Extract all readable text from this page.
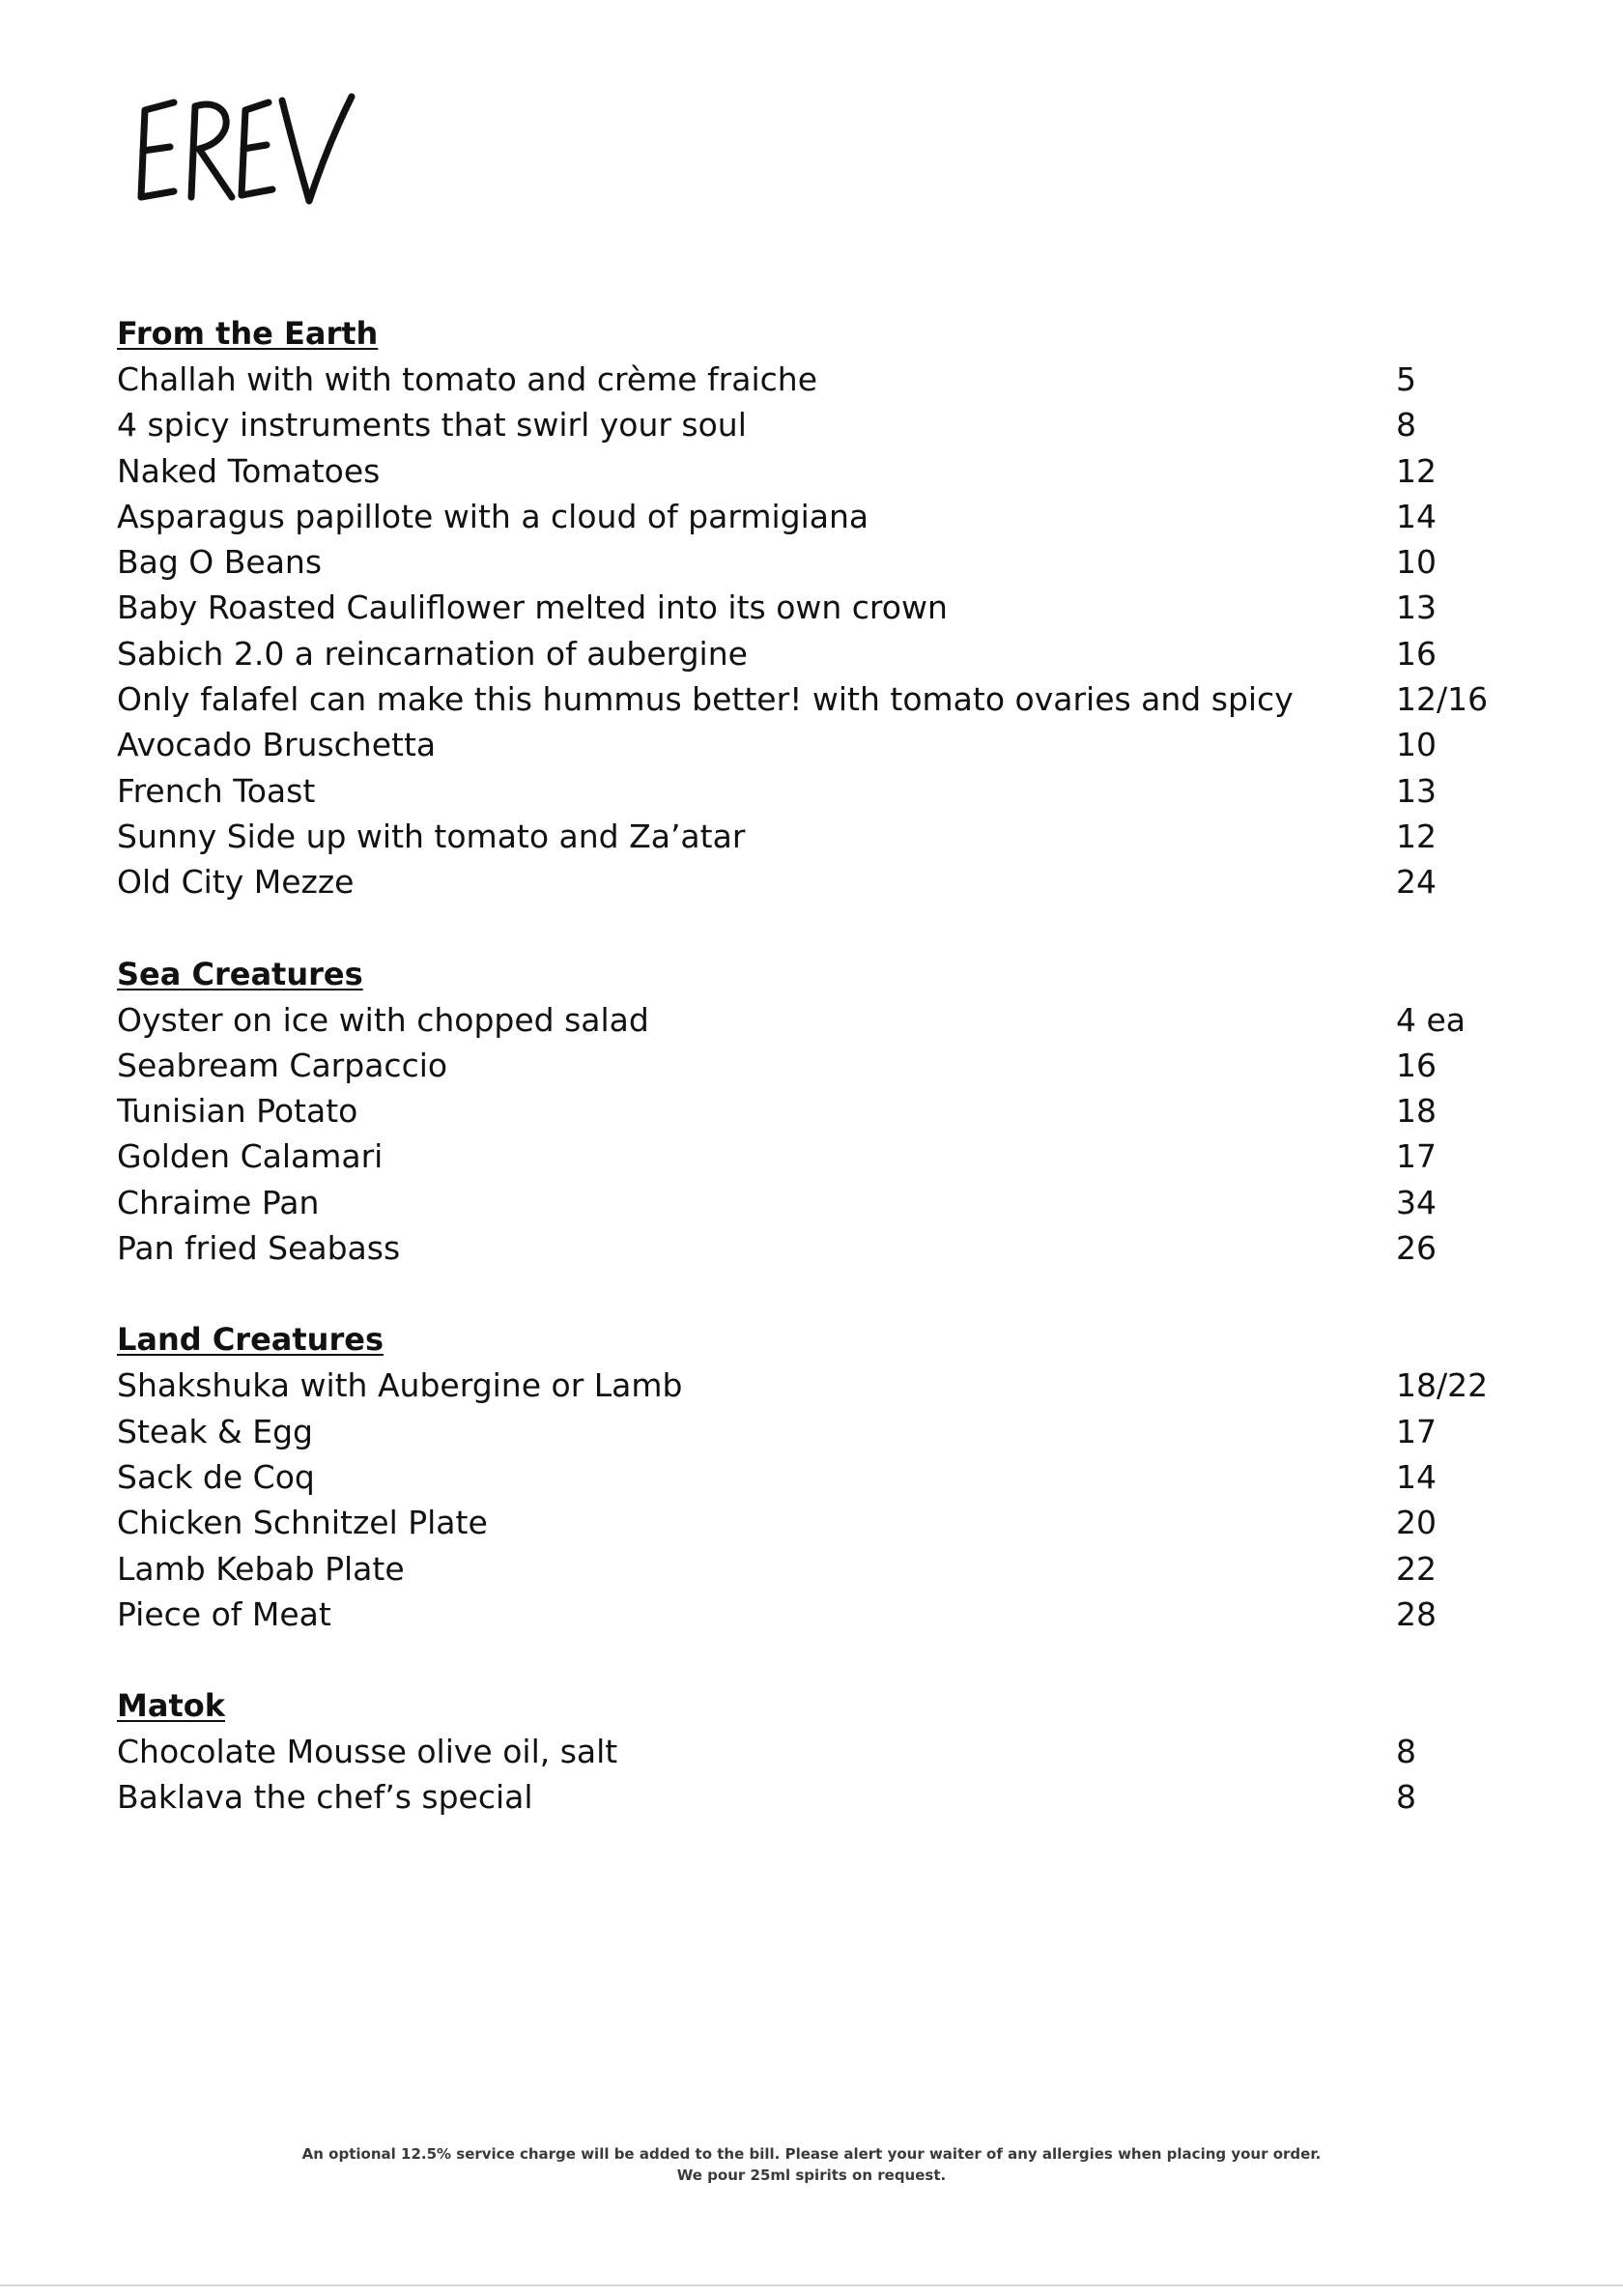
From the Earth
Challah with with tomato and crème fraiche	5
4 spicy instruments that swirl your soul	8
Naked Tomatoes	12
Asparagus papillote with a cloud of parmigiana	14
Bag O Beans	10
Baby Roasted Cauliflower melted into its own crown	13
Sabich 2.0 a reincarnation of aubergine	16
Only falafel can make this hummus better! with tomato ovaries and spicy	12/16
Avocado Bruschetta	10
French Toast	13
Sunny Side up with tomato and Za’atar	12
Old City Mezze	24
Sea Creatures
Oyster on ice with chopped salad	4 ea
Seabream Carpaccio	16
Tunisian Potato	18
Golden Calamari	17
Chraime Pan	34
Pan fried Seabass	26
Land Creatures
Shakshuka with Aubergine or Lamb	18/22
Steak & Egg	17
Sack de Coq	14
Chicken Schnitzel Plate	20
Lamb Kebab Plate	22
Piece of Meat	28
Matok
Chocolate Mousse olive oil, salt	8
Baklava the chef’s special	8
An optional 12.5% service charge will be added to the bill. Please alert your waiter of any allergies when placing your order.
We pour 25ml spirits on request.
